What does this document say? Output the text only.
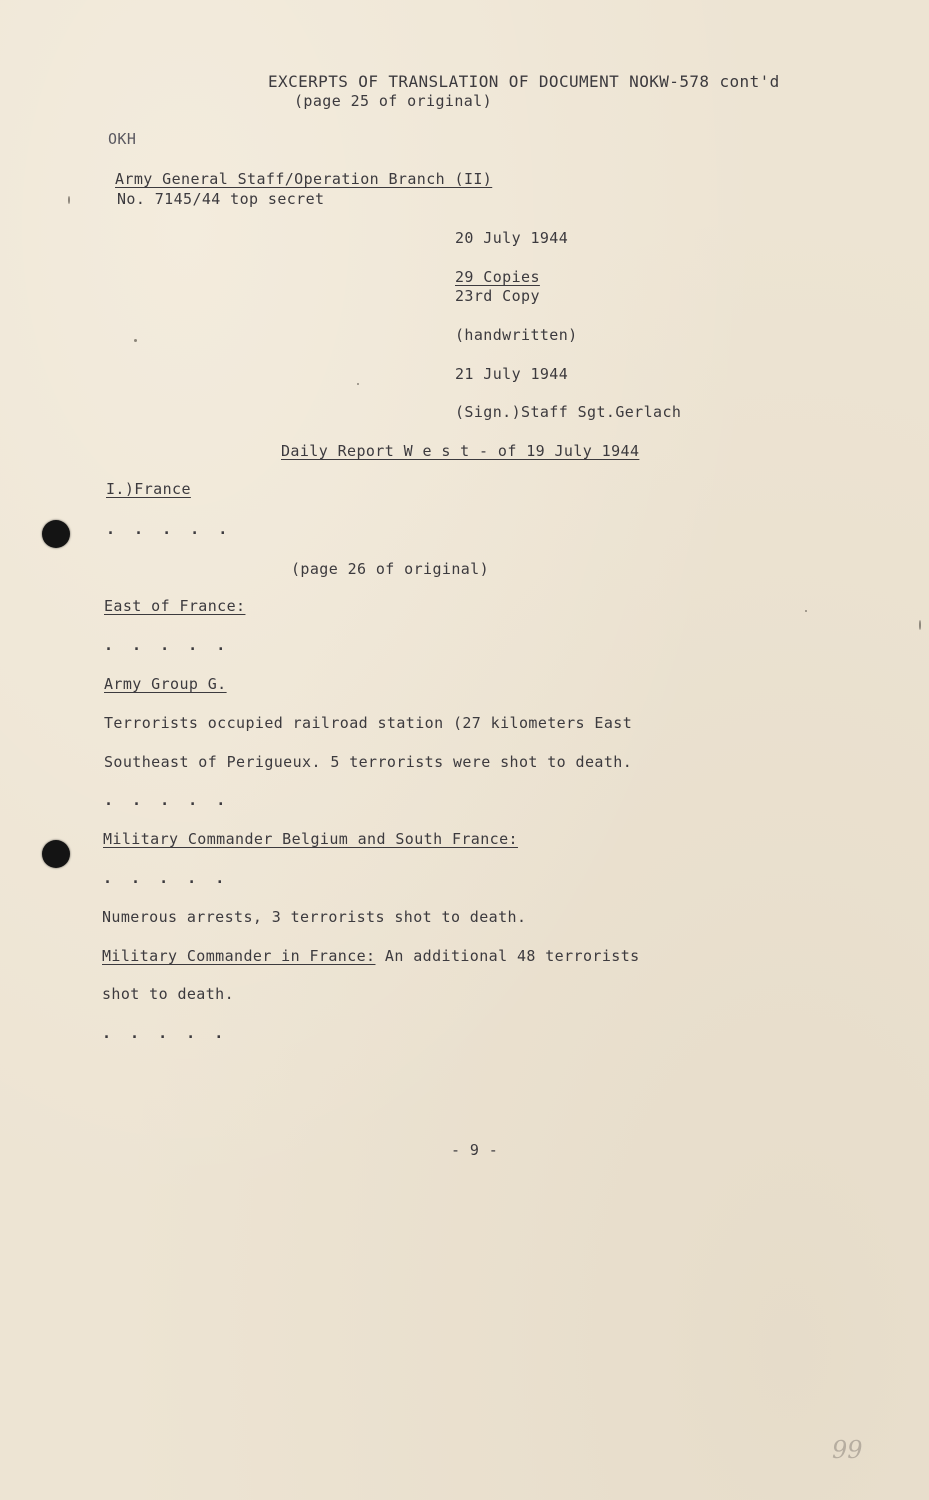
EXCERPTS OF TRANSLATION OF DOCUMENT NOKW-578 cont'd
(page 25 of original)
OKH
Army General Staff/Operation Branch (II)
No. 7145/44 top secret
20 July 1944
29 Copies
23rd Copy
(handwritten)
21 July 1944
(Sign.)Staff Sgt.Gerlach
Daily Report W e s t - of 19 July 1944
I.)France
. . . . .
(page 26 of original)
East of France:
. . . . .
Army Group G.
Terrorists occupied railroad station (27 kilometers East
Southeast of Perigueux. 5 terrorists were shot to death.
. . . . .
Military Commander Belgium and South France:
. . . . .
Numerous arrests, 3 terrorists shot to death.
Military Commander in France: An additional 48 terrorists
shot to death.
. . . . .
- 9 -
99
